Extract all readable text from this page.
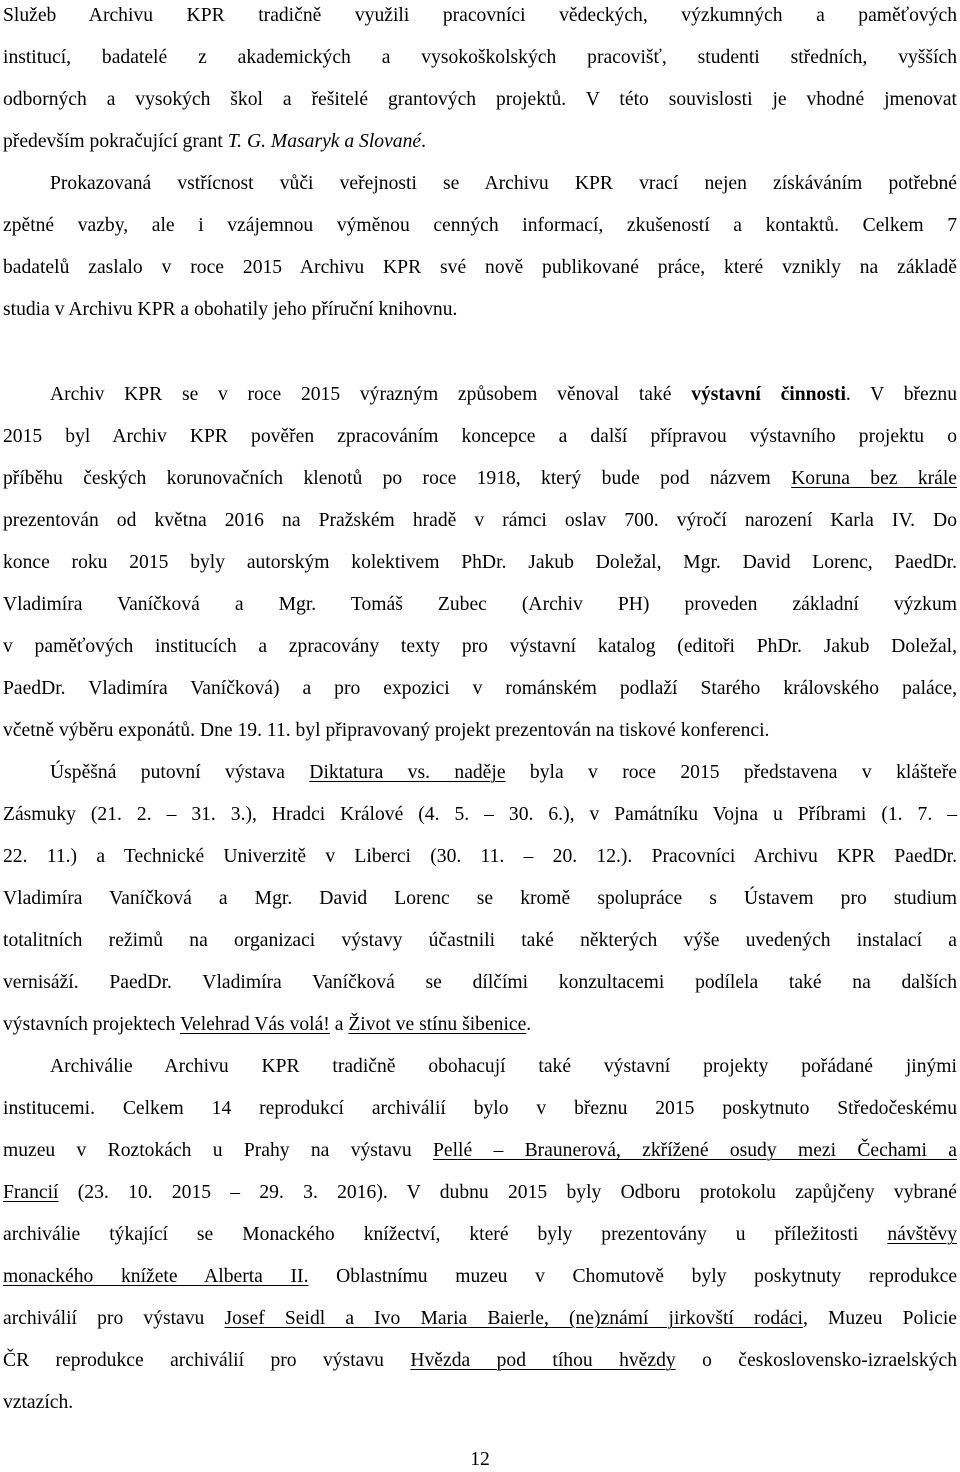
Služeb Archivu KPR tradičně využili pracovníci vědeckých, výzkumných a paměťových
institucí, badatelé z akademických a vysokoškolských pracovišť, studenti středních, vyšších
odborných a vysokých škol a řešitelé grantových projektů. V této souvislosti je vhodné jmenovat
především pokračující grant T. G. Masaryk a Slované.
Prokazovaná vstřícnost vůči veřejnosti se Archivu KPR vrací nejen získáváním potřebné
zpětné vazby, ale i vzájemnou výměnou cenných informací, zkušeností a kontaktů. Celkem 7
badatelů zaslalo v roce 2015 Archivu KPR své nově publikované práce, které vznikly na základě
studia v Archivu KPR a obohatily jeho příruční knihovnu.
Archiv KPR se v roce 2015 výrazným způsobem věnoval také výstavní činnosti. V březnu
2015 byl Archiv KPR pověřen zpracováním koncepce a další přípravou výstavního projektu o
příběhu českých korunovačních klenotů po roce 1918, který bude pod názvem Koruna bez krále
prezentován od května 2016 na Pražském hradě v rámci oslav 700. výročí narození Karla IV. Do
konce roku 2015 byly autorským kolektivem PhDr. Jakub Doležal, Mgr. David Lorenc, PaedDr.
Vladimíra Vaníčková a Mgr. Tomáš Zubec (Archiv PH) proveden základní výzkum
v paměťových institucích a zpracovány texty pro výstavní katalog (editoři PhDr. Jakub Doležal,
PaedDr. Vladimíra Vaníčková) a pro expozici v románském podlaží Starého královského paláce,
včetně výběru exponátů. Dne 19. 11. byl připravovaný projekt prezentován na tiskové konferenci.
Úspěšná putovní výstava Diktatura vs. naděje byla v roce 2015 představena v klášteře
Zásmuky (21. 2. – 31. 3.), Hradci Králové (4. 5. – 30. 6.), v Památníku Vojna u Příbrami (1. 7. –
22. 11.) a Technické Univerzitě v Liberci (30. 11. – 20. 12.). Pracovníci Archivu KPR PaedDr.
Vladimíra Vaníčková a Mgr. David Lorenc se kromě spolupráce s Ústavem pro studium
totalitních režimů na organizaci výstavy účastnili také některých výše uvedených instalací a
vernisáží. PaedDr. Vladimíra Vaníčková se dílčími konzultacemi podílela také na dalších
výstavních projektech Velehrad Vás volá! a Život ve stínu šibenice.
Archiválie Archivu KPR tradičně obohacují také výstavní projekty pořádané jinými
institucemi. Celkem 14 reprodukcí archiválií bylo v březnu 2015 poskytnuto Středočeskému
muzeu v Roztokách u Prahy na výstavu Pellé – Braunerová, zkřížené osudy mezi Čechami a
Francií (23. 10. 2015 – 29. 3. 2016). V dubnu 2015 byly Odboru protokolu zapůjčeny vybrané
archiválie týkající se Monackého knížectví, které byly prezentovány u příležitosti návštěvy
monackého knížete Alberta II. Oblastnímu muzeu v Chomutově byly poskytnuty reprodukce
archiválií pro výstavu Josef Seidl a Ivo Maria Baierle, (ne)známí jirkovští rodáci, Muzeu Policie
ČR reprodukce archiválií pro výstavu Hvězda pod tíhou hvězdy o československo-izraelských
vztazích.
12
